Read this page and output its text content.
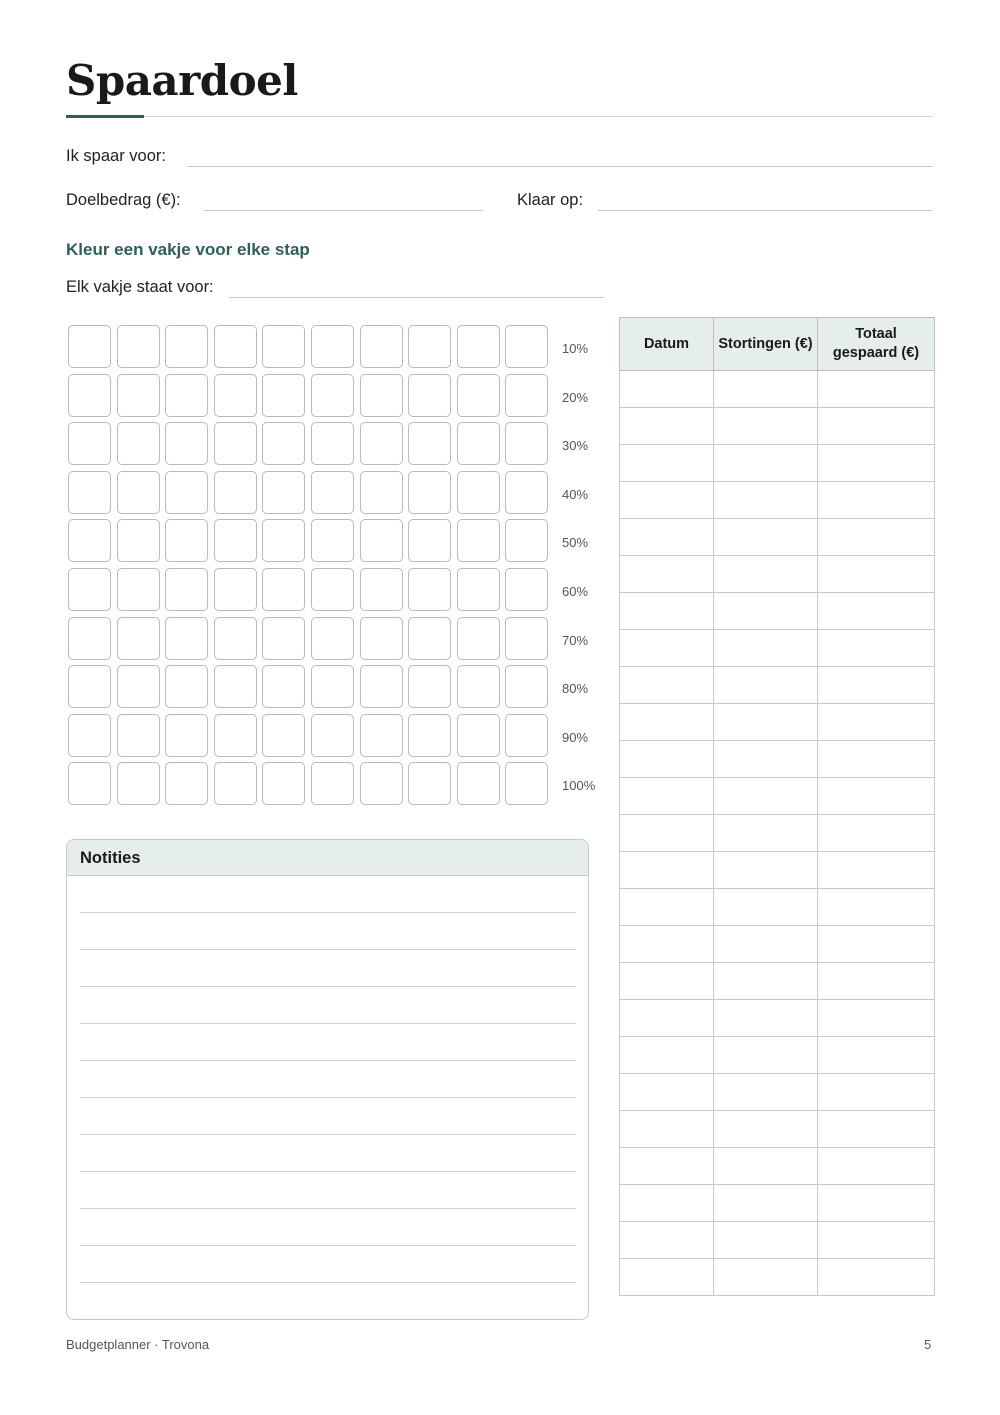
Spaardoel
Ik spaar voor:
Doelbedrag (€):	Klaar op:
Kleur een vakje voor elke stap
Elk vakje staat voor:
10%
20%
30%
40%
50%
60%
70%
80%
90%
100%
Notities
Datum	Stortingen (€)	Totaal gespaard (€)

Budgetplanner · Trovona	5
